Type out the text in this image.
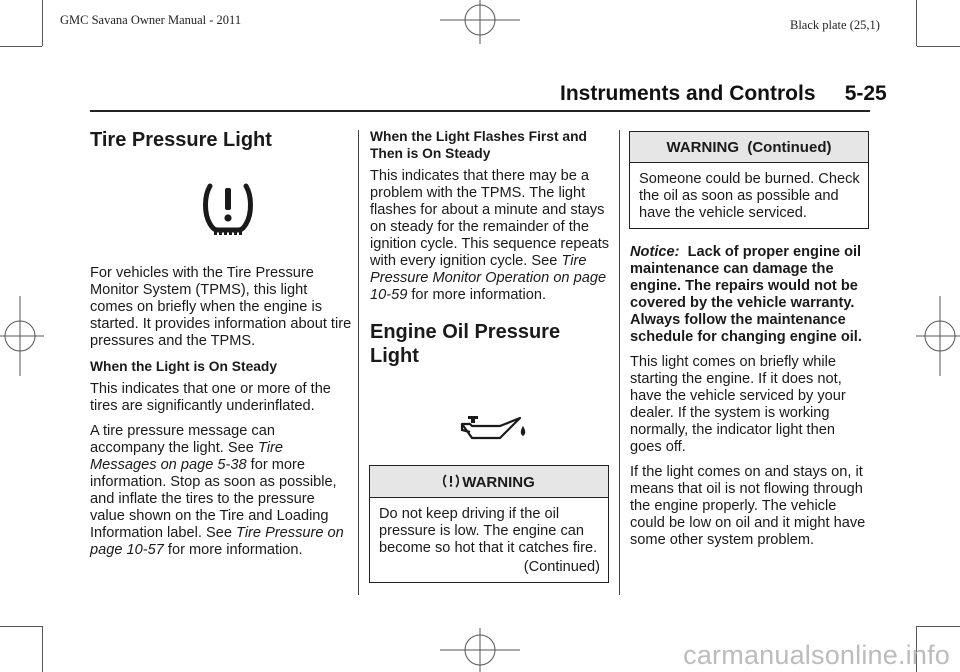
GMC Savana Owner Manual - 2011	Black plate (25,1)
Instruments and Controls     5-25
Tire Pressure Light

For vehicles with the Tire Pressure Monitor System (TPMS), this light comes on briefly when the engine is started. It provides information about tire pressures and the TPMS.

When the Light is On Steady

This indicates that one or more of the tires are significantly underinflated.

A tire pressure message can accompany the light. See Tire Messages on page 5‑38 for more information. Stop as soon as possible, and inflate the tires to the pressure value shown on the Tire and Loading Information label. See Tire Pressure on page 10‑57 for more information.

When the Light Flashes First and Then is On Steady

This indicates that there may be a problem with the TPMS. The light flashes for about a minute and stays on steady for the remainder of the ignition cycle. This sequence repeats with every ignition cycle. See Tire Pressure Monitor Operation on page 10‑59 for more information.

Engine Oil Pressure Light
WARNING
Do not keep driving if the oil pressure is low. The engine can become so hot that it catches fire.
(Continued)
WARNING  (Continued)
Someone could be burned. Check the oil as soon as possible and have the vehicle serviced.

Notice: Lack of proper engine oil maintenance can damage the engine. The repairs would not be covered by the vehicle warranty. Always follow the maintenance schedule for changing engine oil.

This light comes on briefly while starting the engine. If it does not, have the vehicle serviced by your dealer. If the system is working normally, the indicator light then goes off.

If the light comes on and stays on, it means that oil is not flowing through the engine properly. The vehicle could be low on oil and it might have some other system problem.

carmanualsonline.info
